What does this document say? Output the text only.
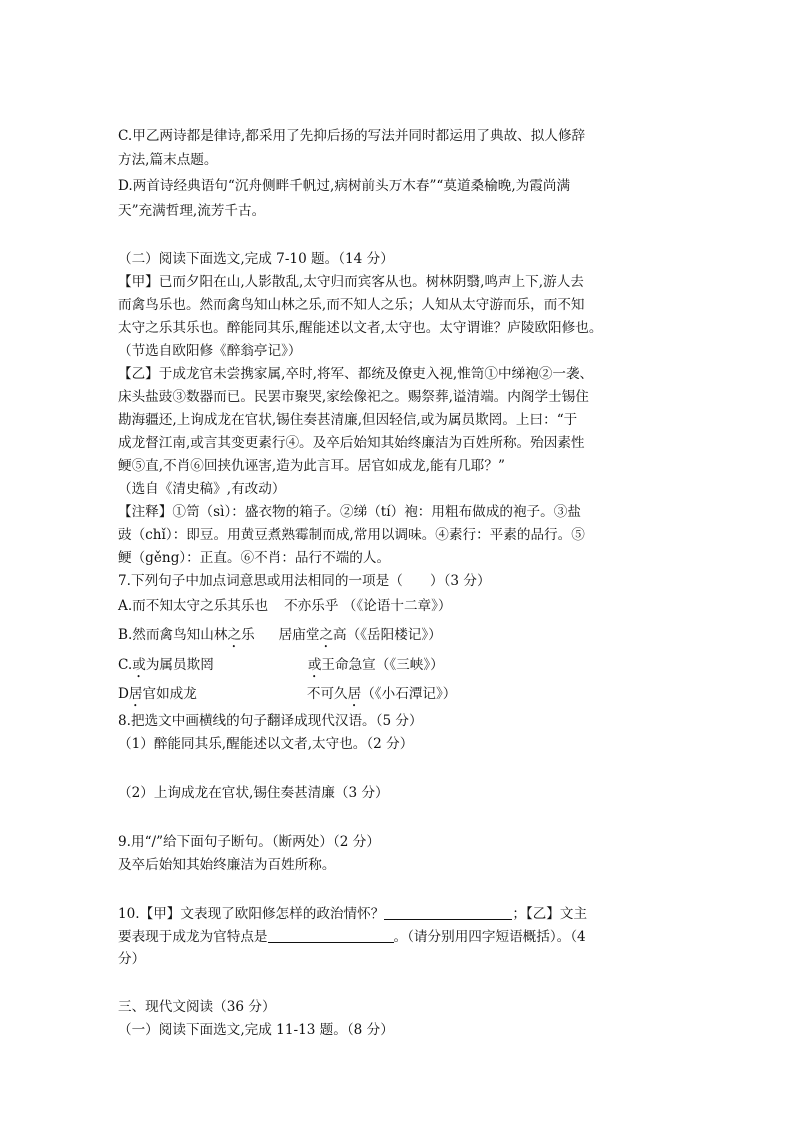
C.甲乙两诗都是律诗,都采用了先抑后扬的写法并同时都运用了典故、拟人修辞
方法,篇末点题。
D.两首诗经典语句“沉舟侧畔千帆过,病树前头万木春”“莫道桑榆晚,为霞尚满
天”充满哲理,流芳千古。
（二）阅读下面选文,完成 7-10 题。（14 分）
【甲】已而夕阳在山,人影散乱,太守归而宾客从也。树林阴翳,鸣声上下,游人去
而禽鸟乐也。然而禽鸟知山林之乐,而不知人之乐；人知从太守游而乐，而不知
太守之乐其乐也。醉能同其乐,醒能述以文者,太守也。太守谓谁？庐陵欧阳修也。
（节选自欧阳修《醉翁亭记》）
【乙】于成龙官未尝携家属,卒时,将军、都统及僚吏入视,惟笥①中绨袍②一袭、
床头盐豉③数器而已。民罢市聚哭,家绘像祀之。赐祭葬,谥清端。内阁学士锡住
勘海疆还,上询成龙在官状,锡住奏甚清廉,但因轻信,或为属员欺罔。上曰：“于
成龙督江南,或言其变更素行④。及卒后始知其始终廉洁为百姓所称。殆因素性
鲠⑤直,不肖⑥回挟仇诬害,造为此言耳。居官如成龙,能有几耶？”
（选自《清史稿》,有改动）
【注释】①笥（sì）：盛衣物的箱子。②绨（tí）袍：用粗布做成的袍子。③盐
豉（chǐ）：即豆。用黄豆煮熟霉制而成,常用以调味。④素行：平素的品行。⑤
鲠（gěng）：正直。⑥不肖：品行不端的人。
7.下列句子中加点词意思或用法相同的一项是（　　）（3 分）
A.而不知太守之乐其乐也 不亦乐乎 （《论语十二章》）
B.然而禽鸟知山林之乐 居庙堂之高（《岳阳楼记》）
C.或为属员欺罔	或王命急宣（《三峡》）
D居官如成龙	不可久居（《小石潭记》）
8.把选文中画横线的句子翻译成现代汉语。（5 分）
（1）醉能同其乐,醒能述以文者,太守也。（2 分）
（2）上询成龙在官状,锡住奏甚清廉（3 分）
9.用“/”给下面句子断句。（断两处）（2 分）
及卒后始知其始终廉洁为百姓所称。
10.【甲】文表现了欧阳修怎样的政治情怀？	；【乙】文主
要表现于成龙为官特点是	。（请分别用四字短语概括）。（4
分）
三、现代文阅读（36 分）
（一）阅读下面选文,完成 11-13 题。（8 分）
